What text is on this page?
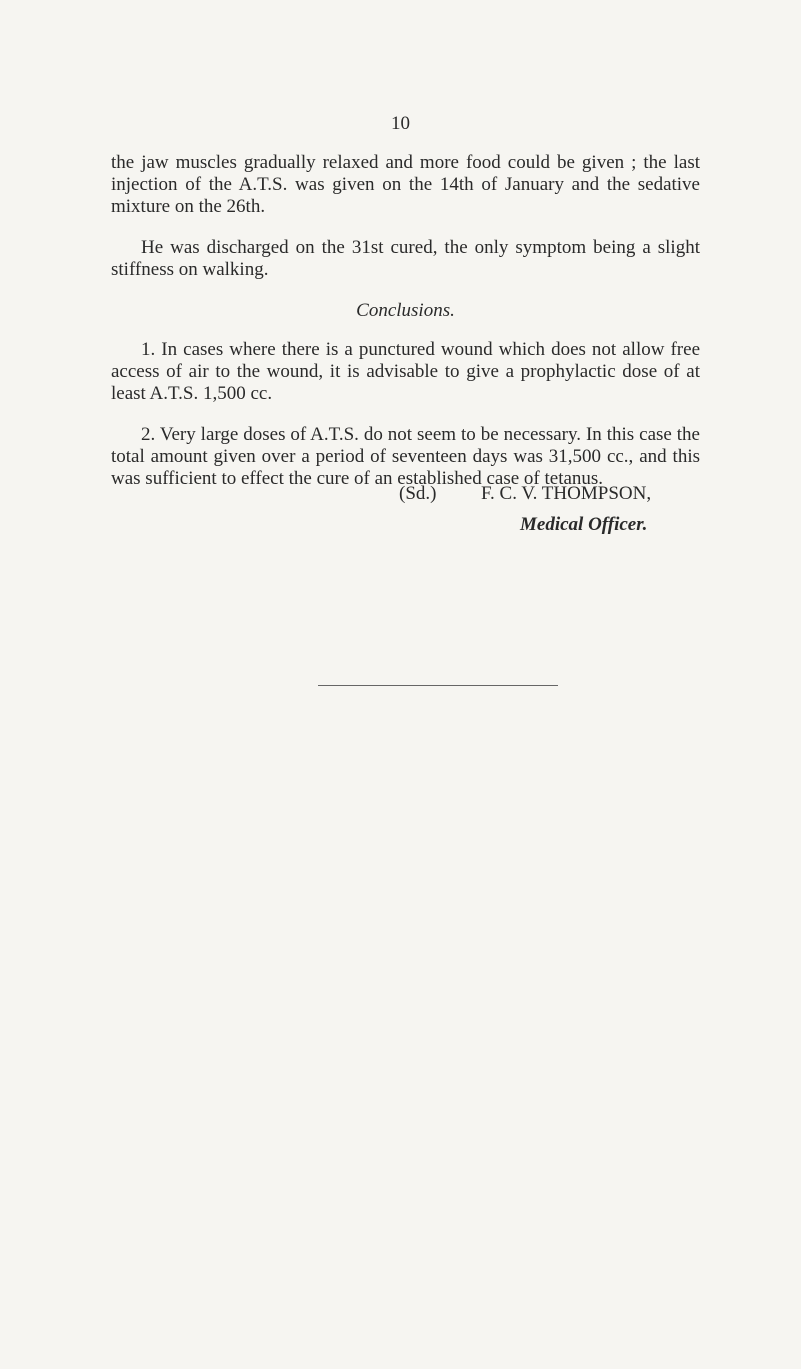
10

the jaw muscles gradually relaxed and more food could be given ; the last injection of the A.T.S. was given on the 14th of January and the sedative mixture on the 26th.

He was discharged on the 31st cured, the only symptom being a slight stiffness on walking.

Conclusions.

1. In cases where there is a punctured wound which does not allow free access of air to the wound, it is advisable to give a prophylactic dose of at least A.T.S. 1,500 cc.

2. Very large doses of A.T.S. do not seem to be necessary. In this case the total amount given over a period of seventeen days was 31,500 cc., and this was sufficient to effect the cure of an established case of tetanus.

(Sd.) F. C. V. THOMPSON,
Medical Officer.
